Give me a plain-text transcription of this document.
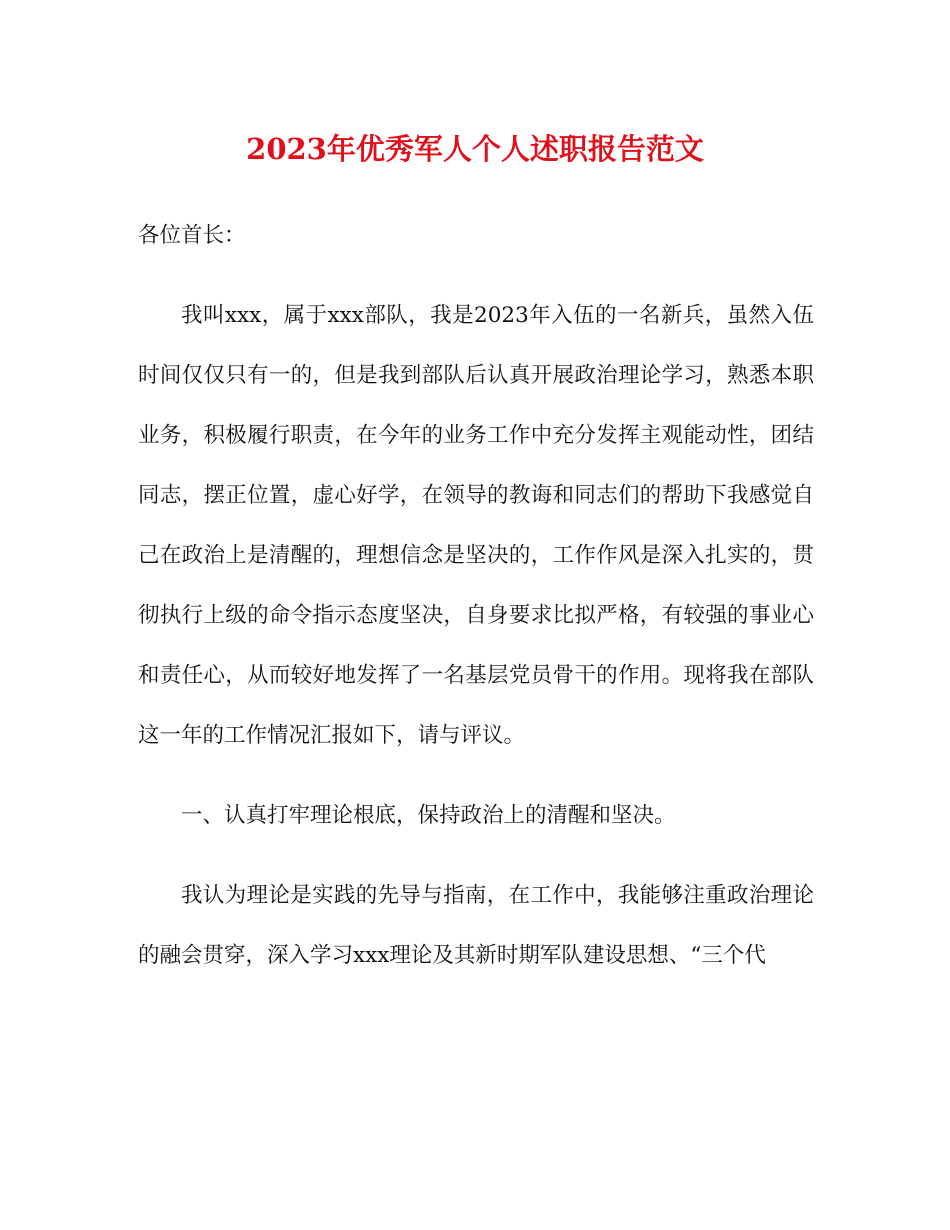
2023年优秀军人个人述职报告范文

各位首长：

我叫xxx，属于xxx部队，我是2023年入伍的一名新兵，虽然入伍时间仅仅只有一的，但是我到部队后认真开展政治理论学习，熟悉本职业务，积极履行职责，在今年的业务工作中充分发挥主观能动性，团结同志，摆正位置，虚心好学，在领导的教诲和同志们的帮助下我感觉自己在政治上是清醒的，理想信念是坚决的，工作作风是深入扎实的，贯彻执行上级的命令指示态度坚决，自身要求比拟严格，有较强的事业心和责任心，从而较好地发挥了一名基层党员骨干的作用。现将我在部队这一年的工作情况汇报如下，请与评议。

一、认真打牢理论根底，保持政治上的清醒和坚决。

我认为理论是实践的先导与指南，在工作中，我能够注重政治理论的融会贯穿，深入学习xxx理论及其新时期军队建设思想、“三个代
